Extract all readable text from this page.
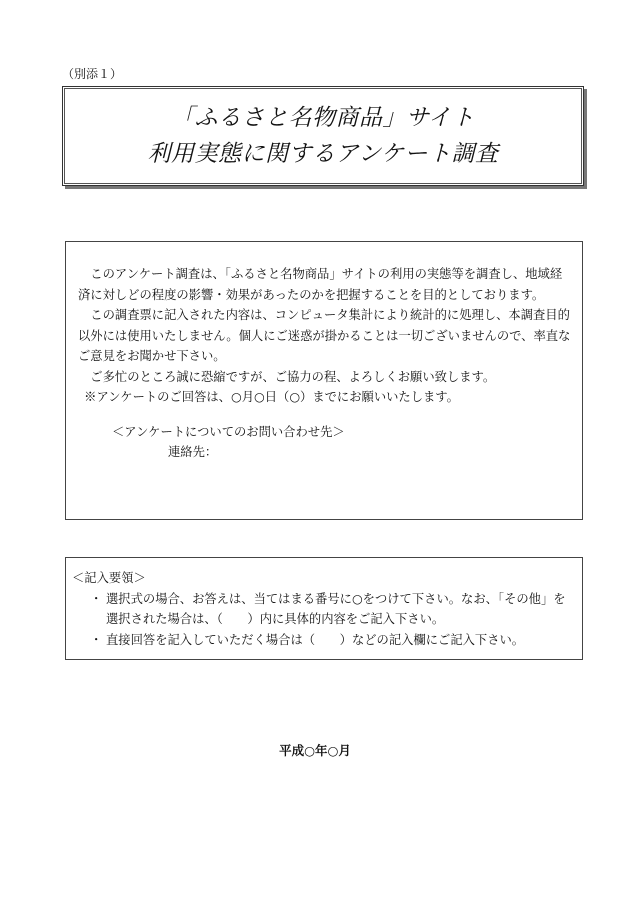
（別添１）
「ふるさと名物商品」サイト
利用実態に関するアンケート調査

このアンケート調査は、「ふるさと名物商品」サイトの利用の実態等を調査し、地域経済に対しどの程度の影響・効果があったのかを把握することを目的としております。

この調査票に記入された内容は、コンピュータ集計により統計的に処理し、本調査目的以外には使用いたしません。個人にご迷惑が掛かることは一切ございませんので、率直なご意見をお聞かせ下さい。

ご多忙のところ誠に恐縮ですが、ご協力の程、よろしくお願い致します。

※アンケートのご回答は、○月○日（○）までにお願いいたします。

＜アンケートについてのお問い合わせ先＞

連絡先：

＜記入要領＞
・ 選択式の場合、お答えは、当てはまる番号に○をつけて下さい。なお、「その他」を選択された場合は、（　　）内に具体的内容をご記入下さい。
・ 直接回答を記入していただく場合は（　　）などの記入欄にご記入下さい。
平成○年○月
